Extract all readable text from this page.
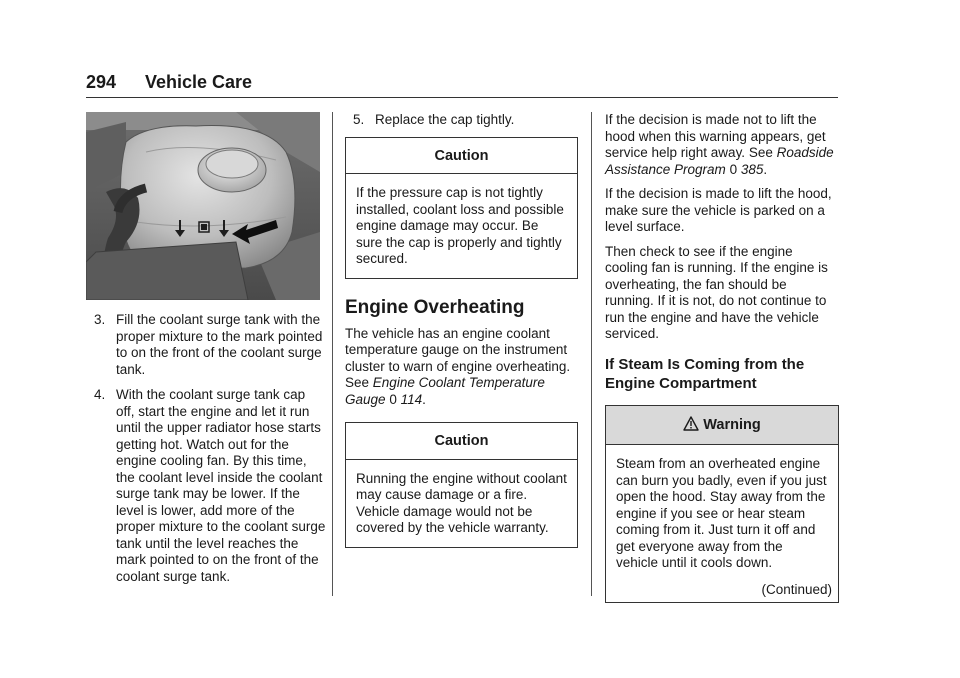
294 Vehicle Care
3. Fill the coolant surge tank with the proper mixture to the mark pointed to on the front of the coolant surge tank.
4. With the coolant surge tank cap off, start the engine and let it run until the upper radiator hose starts getting hot. Watch out for the engine cooling fan. By this time, the coolant level inside the coolant surge tank may be lower. If the level is lower, add more of the proper mixture to the coolant surge tank until the level reaches the mark pointed to on the front of the coolant surge tank.
5. Replace the cap tightly.
Caution
If the pressure cap is not tightly installed, coolant loss and possible engine damage may occur. Be sure the cap is properly and tightly secured.
Engine Overheating

The vehicle has an engine coolant temperature gauge on the instrument cluster to warn of engine overheating. See Engine Coolant Temperature Gauge 0 114.

Caution
Running the engine without coolant may cause damage or a fire. Vehicle damage would not be covered by the vehicle warranty.

If the decision is made not to lift the hood when this warning appears, get service help right away. See Roadside Assistance Program 0 385.

If the decision is made to lift the hood, make sure the vehicle is parked on a level surface.

Then check to see if the engine cooling fan is running. If the engine is overheating, the fan should be running. If it is not, do not continue to run the engine and have the vehicle serviced.

If Steam Is Coming from the Engine Compartment
Warning
Steam from an overheated engine can burn you badly, even if you just open the hood. Stay away from the engine if you see or hear steam coming from it. Just turn it off and get everyone away from the vehicle until it cools down.
(Continued)
